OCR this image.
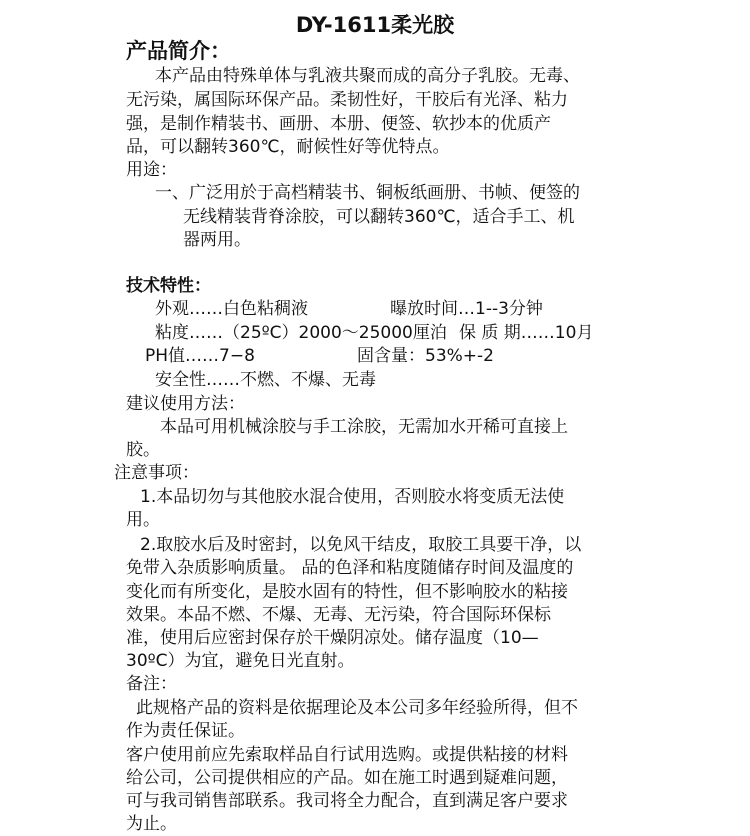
DY-1611柔光胶
产品简介：
本产品由特殊单体与乳液共聚而成的高分子乳胶。无毒、
无污染，属国际环保产品。柔韧性好，干胶后有光泽、粘力
强，是制作精装书、画册、本册、便签、软抄本的优质产
品，可以翻转360℃，耐候性好等优特点。
用途：
一、广泛用於于高档精装书、铜板纸画册、书帧、便签的
无线精装背脊涂胶，可以翻转360℃，适合手工、机
器两用。
技术特性：
外观……白色粘稠液	曝放时间…1--3分钟
粘度……（25ºC）2000～25000厘泊 保 质 期……10月
PH值……7−8	固含量：53%+-2
安全性……不燃、不爆、无毒
建议使用方法：
本品可用机械涂胶与手工涂胶，无需加水开稀可直接上
胶。
注意事项：
1.本品切勿与其他胶水混合使用，否则胶水将变质无法使
用。
2.取胶水后及时密封，以免风干结皮，取胶工具要干净，以
免带入杂质影响质量。 品的色泽和粘度随储存时间及温度的
变化而有所变化，是胶水固有的特性，但不影响胶水的粘接
效果。本品不燃、不爆、无毒、无污染，符合国际环保标
准，使用后应密封保存於干燥阴凉处。储存温度（10—
30ºC）为宜，避免日光直射。
备注：
此规格产品的资料是依据理论及本公司多年经验所得，但不
作为责任保证。
客户使用前应先索取样品自行试用选购。或提供粘接的材料
给公司，公司提供相应的产品。如在施工时遇到疑难问题，
可与我司销售部联系。我司将全力配合，直到满足客户要求
为止。
